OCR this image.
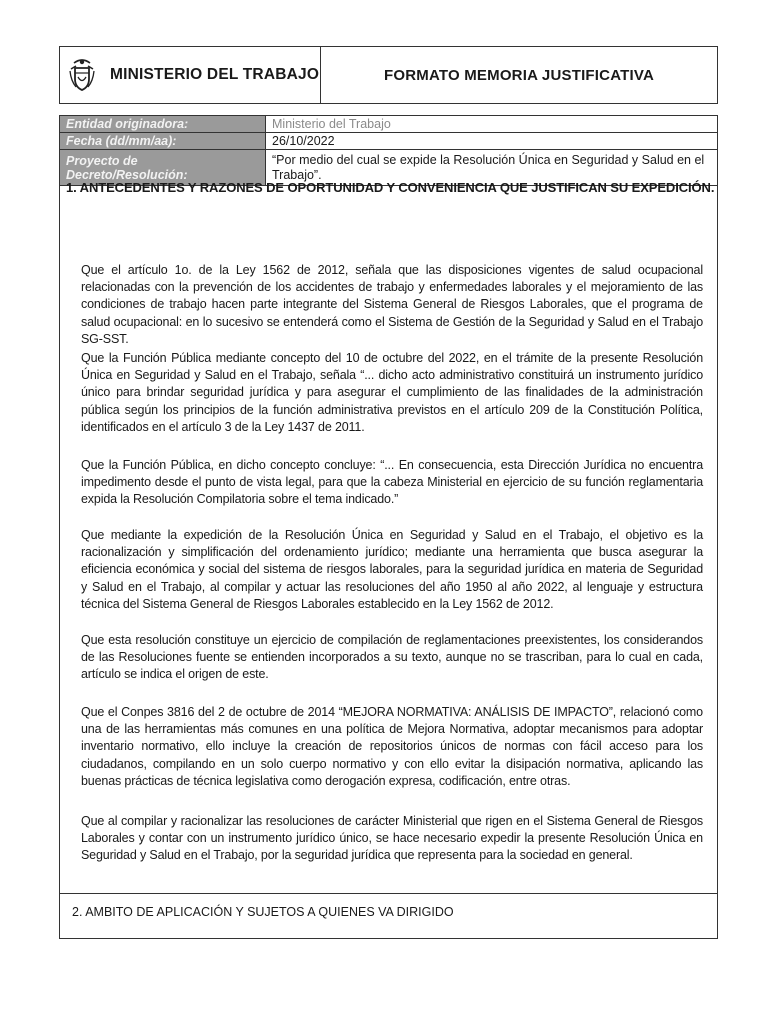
MINISTERIO DEL TRABAJO	FORMATO MEMORIA JUSTIFICATIVA
Entidad originadora:	Ministerio del Trabajo
Fecha (dd/mm/aa):	26/10/2022
Proyecto de Decreto/Resolución:	“Por medio del cual se expide la Resolución Única en Seguridad y Salud en el Trabajo”.
1. ANTECEDENTES Y RAZONES DE OPORTUNIDAD Y CONVENIENCIA QUE JUSTIFICAN SU EXPEDICIÓN.

Que el artículo 1o. de la Ley 1562 de 2012, señala que las disposiciones vigentes de salud ocupacional relacionadas con la prevención de los accidentes de trabajo y enfermedades laborales y el mejoramiento de las condiciones de trabajo hacen parte integrante del Sistema General de Riesgos Laborales, que el programa de salud ocupacional: en lo sucesivo se entenderá como el Sistema de Gestión de la Seguridad y Salud en el Trabajo SG-SST.

Que la Función Pública mediante concepto del 10 de octubre del 2022, en el trámite de la presente Resolución Única en Seguridad y Salud en el Trabajo, señala “... dicho acto administrativo constituirá un instrumento jurídico único para brindar seguridad jurídica y para asegurar el cumplimiento de las finalidades de la administración pública según los principios de la función administrativa previstos en el artículo 209 de la Constitución Política, identificados en el artículo 3 de la Ley 1437 de 2011.

Que la Función Pública, en dicho concepto concluye: “... En consecuencia, esta Dirección Jurídica no encuentra impedimento desde el punto de vista legal, para que la cabeza Ministerial en ejercicio de su función reglamentaria expida la Resolución Compilatoria sobre el tema indicado.”

Que mediante la expedición de la Resolución Única en Seguridad y Salud en el Trabajo, el objetivo es la racionalización y simplificación del ordenamiento jurídico; mediante una herramienta que busca asegurar la eficiencia económica y social del sistema de riesgos laborales, para la seguridad jurídica en materia de Seguridad y Salud en el Trabajo, al compilar y actuar las resoluciones del año 1950 al año 2022, al lenguaje y estructura técnica del Sistema General de Riesgos Laborales establecido en la Ley 1562 de 2012.

Que esta resolución constituye un ejercicio de compilación de reglamentaciones preexistentes, los considerandos de las Resoluciones fuente se entienden incorporados a su texto, aunque no se trascriban, para lo cual en cada, artículo se indica el origen de este.

Que el Conpes 3816 del 2 de octubre de 2014 “MEJORA NORMATIVA: ANÁLISIS DE IMPACTO”, relacionó como una de las herramientas más comunes en una política de Mejora Normativa, adoptar mecanismos para adoptar inventario normativo, ello incluye la creación de repositorios únicos de normas con fácil acceso para los ciudadanos, compilando en un solo cuerpo normativo y con ello evitar la disipación normativa, aplicando las buenas prácticas de técnica legislativa como derogación expresa, codificación, entre otras.

Que al compilar y racionalizar las resoluciones de carácter Ministerial que rigen en el Sistema General de Riesgos Laborales y contar con un instrumento jurídico único, se hace necesario expedir la presente Resolución Única en Seguridad y Salud en el Trabajo, por la seguridad jurídica que representa para la sociedad en general.

2. AMBITO DE APLICACIÓN Y SUJETOS A QUIENES VA DIRIGIDO
